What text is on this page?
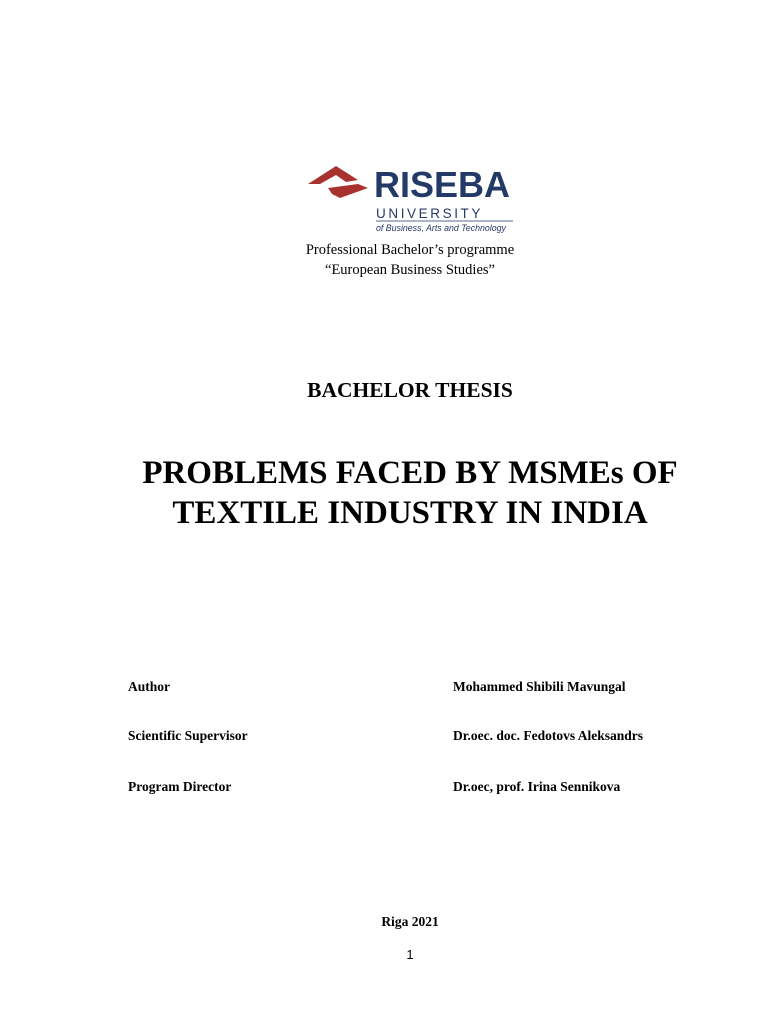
RISEBA
UNIVERSITY
of Business, Arts and Technology
Professional Bachelor’s programme
“European Business Studies”
BACHELOR THESIS
PROBLEMS FACED BY MSMEs OF
TEXTILE INDUSTRY IN INDIA
Author	Mohammed Shibili Mavungal
Scientific Supervisor	Dr.oec. doc. Fedotovs Aleksandrs
Program Director	Dr.oec, prof. Irina Sennikova
Riga 2021
1
